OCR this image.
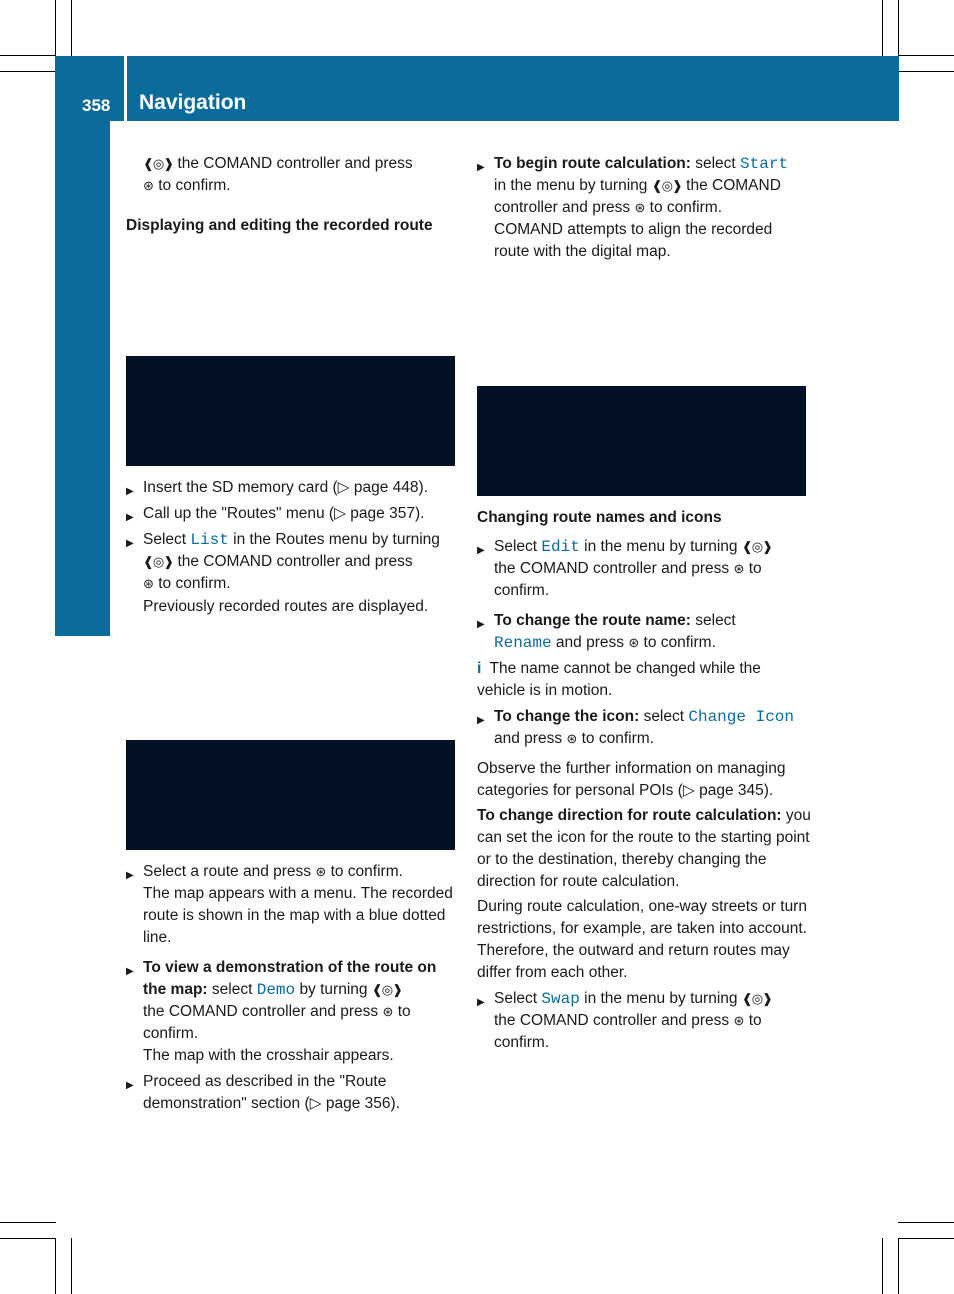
358 Navigation
COMAND

❰◎❱ the COMAND controller and press
⊛ to confirm.

Displaying and editing the recorded route

▶ Insert the SD memory card (▷ page 448).

▶ Call up the "Routes" menu (▷ page 357).

▶ Select List in the Routes menu by turning
❰◎❱ the COMAND controller and press
⊛ to confirm.
Previously recorded routes are displayed.

▶ Select a route and press ⊛ to confirm.
The map appears with a menu. The recorded route is shown in the map with a blue dotted line.

▶ To view a demonstration of the route on the map: select Demo by turning ❰◎❱
the COMAND controller and press ⊛ to confirm.
The map with the crosshair appears.

▶ Proceed as described in the "Route demonstration" section (▷ page 356).

▶ To begin route calculation: select Start
in the menu by turning ❰◎❱ the COMAND
controller and press ⊛ to confirm.
COMAND attempts to align the recorded route with the digital map.

Changing route names and icons

▶ Select Edit in the menu by turning ❰◎❱
the COMAND controller and press ⊛ to
confirm.

▶ To change the route name: select
Rename and press ⊛ to confirm.

i The name cannot be changed while the vehicle is in motion.

▶ To change the icon: select Change Icon
and press ⊛ to confirm.

Observe the further information on managing categories for personal POIs (▷ page 345).

To change direction for route calculation: you can set the icon for the route to the starting point or to the destination, thereby changing the direction for route calculation.

During route calculation, one-way streets or turn restrictions, for example, are taken into account. Therefore, the outward and return routes may differ from each other.

▶ Select Swap in the menu by turning ❰◎❱
the COMAND controller and press ⊛ to
confirm.
